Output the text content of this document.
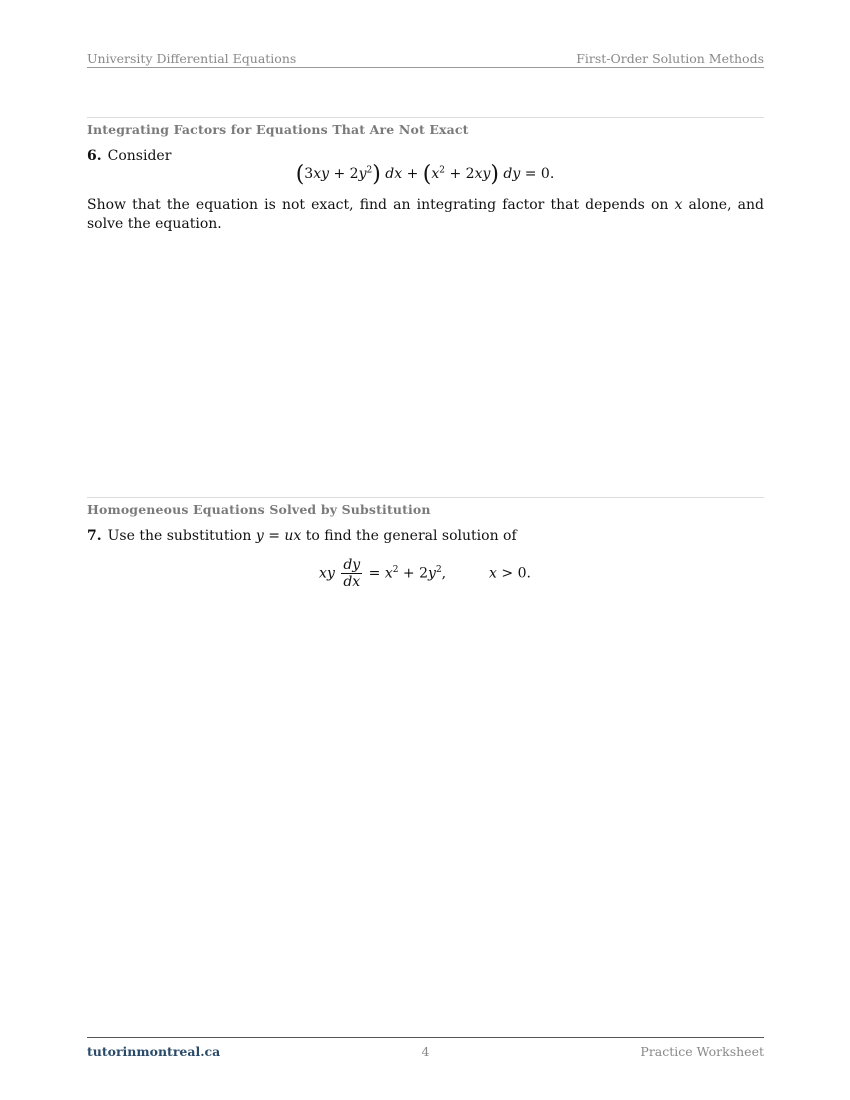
University Differential Equations	First-Order Solution Methods
Integrating Factors for Equations That Are Not Exact
6. Consider
$(3xy + 2y^2)$ dx + $(x^2 + 2xy)$ dy = 0.
Show that the equation is not exact, find an integrating factor that depends on x alone, and solve the equation.
Homogeneous Equations Solved by Substitution
7. Use the substitution y = ux to find the general solution of
xy $\frac{dy}{dx} = x^2 + 2y^2$,	x > 0.
tutorinmontreal.ca	4	Practice Worksheet
